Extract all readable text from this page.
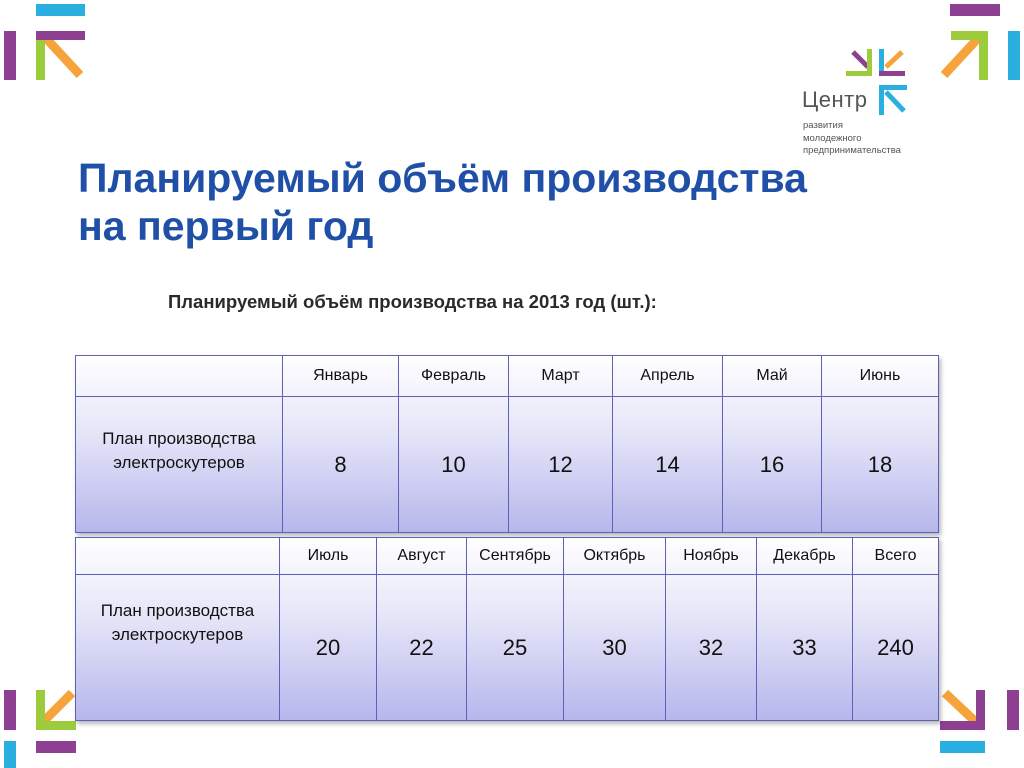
Центр
развития
молодежного
предпринимательства
Планируемый объём производства
на первый год
Планируемый объём производства на 2013 год (шт.):
	Январь	Февраль	Март	Апрель	Май	Июнь
План производства
электроскутеров	8	10	12	14	16	18
	Июль	Август	Сентябрь	Октябрь	Ноябрь	Декабрь	Всего
План производства
электроскутеров	20	22	25	30	32	33	240
